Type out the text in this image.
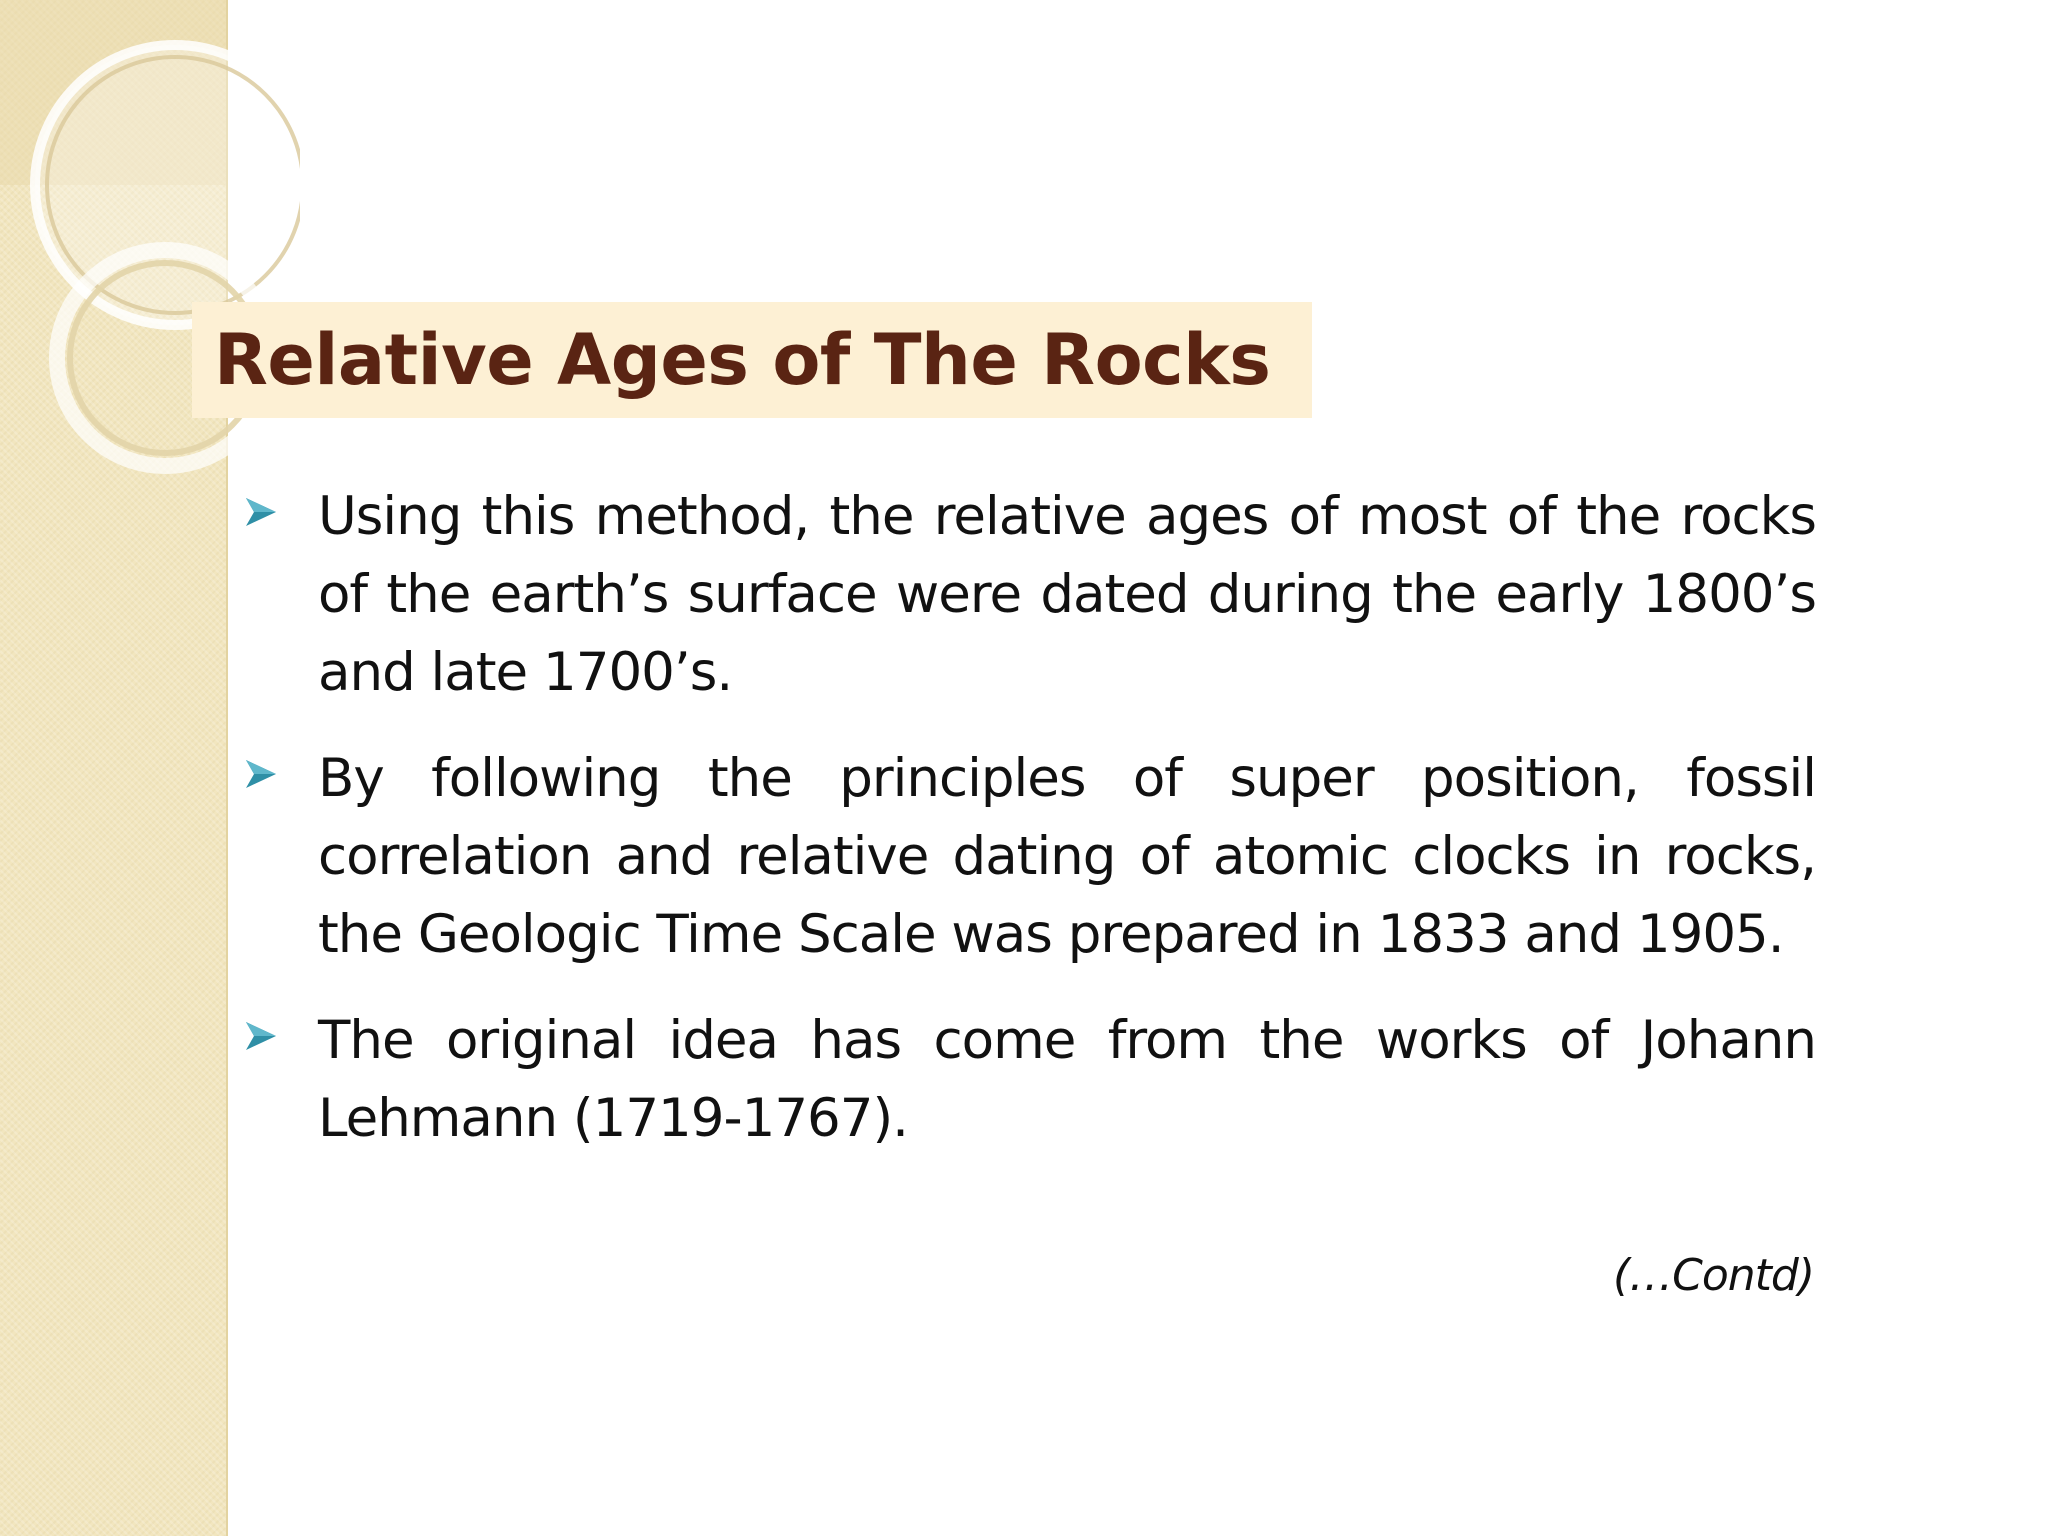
Relative Ages of The Rocks
Using this method, the relative ages of most of the rocks of the earth’s surface were dated during the early 1800’s and late 1700’s.
By following the principles of super position, fossil correlation and relative dating of atomic clocks in rocks, the Geologic Time Scale was prepared in 1833 and 1905.
The original idea has come from the works of Johann Lehmann (1719-1767).
(…Contd)
